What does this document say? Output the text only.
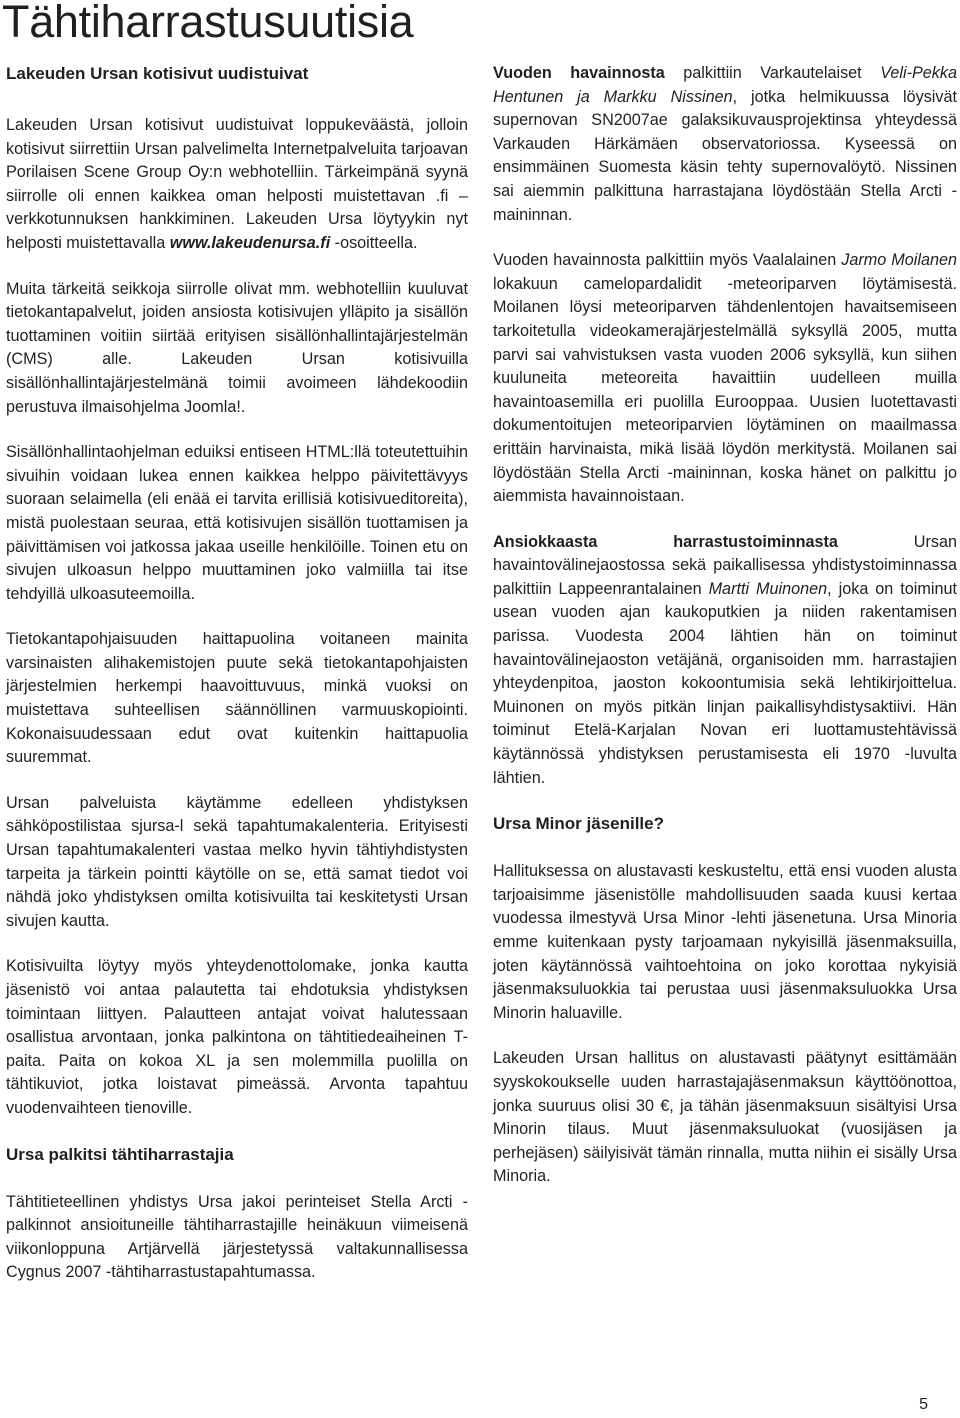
Tähtiharrastusuutisia
Lakeuden Ursan kotisivut uudistuivat

Lakeuden Ursan kotisivut uudistuivat loppukeväästä, jolloin kotisivut siirrettiin Ursan palvelimelta Internetpalveluita tarjoavan Porilaisen Scene Group Oy:n webhotelliin. Tärkeimpänä syynä siirrolle oli ennen kaikkea oman helposti muistettavan .fi –verkkotunnuksen hankkiminen. Lakeuden Ursa löytyykin nyt helposti muistettavalla www.lakeudenursa.fi -osoitteella.

Muita tärkeitä seikkoja siirrolle olivat mm. webhotelliin kuuluvat tietokantapalvelut, joiden ansiosta kotisivujen ylläpito ja sisällön tuottaminen voitiin siirtää erityisen sisällönhallintajärjestelmän (CMS) alle. Lakeuden Ursan kotisivuilla sisällönhallintajärjestelmänä toimii avoimeen lähdekoodiin perustuva ilmaisohjelma Joomla!.

Sisällönhallintaohjelman eduiksi entiseen HTML:llä toteutettuihin sivuihin voidaan lukea ennen kaikkea helppo päivitettävyys suoraan selaimella (eli enää ei tarvita erillisiä kotisivueditoreita), mistä puolestaan seuraa, että kotisivujen sisällön tuottamisen ja päivittämisen voi jatkossa jakaa useille henkilöille. Toinen etu on sivujen ulkoasun helppo muuttaminen joko valmiilla tai itse tehdyillä ulkoasuteemoilla.

Tietokantapohjaisuuden haittapuolina voitaneen mainita varsinaisten alihakemistojen puute sekä tietokantapohjaisten järjestelmien herkempi haavoittuvuus, minkä vuoksi on muistettava suhteellisen säännöllinen varmuuskopiointi. Kokonaisuudessaan edut ovat kuitenkin haittapuolia suuremmat.

Ursan palveluista käytämme edelleen yhdistyksen sähköpostilistaa sjursa-l sekä tapahtumakalenteria. Erityisesti Ursan tapahtumakalenteri vastaa melko hyvin tähtiyhdistysten tarpeita ja tärkein pointti käytölle on se, että samat tiedot voi nähdä joko yhdistyksen omilta kotisivuilta tai keskitetysti Ursan sivujen kautta.

Kotisivuilta löytyy myös yhteydenottolomake, jonka kautta jäsenistö voi antaa palautetta tai ehdotuksia yhdistyksen toimintaan liittyen. Palautteen antajat voivat halutessaan osallistua arvontaan, jonka palkintona on tähtitiedeaiheinen T-paita. Paita on kokoa XL ja sen molemmilla puolilla on tähtikuviot, jotka loistavat pimeässä. Arvonta tapahtuu vuodenvaihteen tienoville.

Ursa palkitsi tähtiharrastajia

Tähtitieteellinen yhdistys Ursa jakoi perinteiset Stella Arcti -palkinnot ansioituneille tähtiharrastajille heinäkuun viimeisenä viikonloppuna Artjärvellä järjestetyssä valtakunnallisessa Cygnus 2007 -tähtiharrastustapahtumassa.

Vuoden havainnosta palkittiin Varkautelaiset Veli-Pekka Hentunen ja Markku Nissinen, jotka helmikuussa löysivät supernovan SN2007ae galaksikuvausprojektinsa yhteydessä Varkauden Härkämäen observatoriossa. Kyseessä on ensimmäinen Suomesta käsin tehty supernovalöytö. Nissinen sai aiemmin palkittuna harrastajana löydöstään Stella Arcti -maininnan.

Vuoden havainnosta palkittiin myös Vaalalainen Jarmo Moilanen lokakuun camelopardalidit -meteoriparven löytämisestä. Moilanen löysi meteoriparven tähdenlentojen havaitsemiseen tarkoitetulla videokamerajärjestelmällä syksyllä 2005, mutta parvi sai vahvistuksen vasta vuoden 2006 syksyllä, kun siihen kuuluneita meteoreita havaittiin uudelleen muilla havaintoasemilla eri puolilla Eurooppaa. Uusien luotettavasti dokumentoitujen meteoriparvien löytäminen on maailmassa erittäin harvinaista, mikä lisää löydön merkitystä. Moilanen sai löydöstään Stella Arcti -maininnan, koska hänet on palkittu jo aiemmista havainnoistaan.

Ansiokkaasta harrastustoiminnasta Ursan havaintovälinejaostossa sekä paikallisessa yhdistystoiminnassa palkittiin Lappeenrantalainen Martti Muinonen, joka on toiminut usean vuoden ajan kaukoputkien ja niiden rakentamisen parissa. Vuodesta 2004 lähtien hän on toiminut havaintovälinejaoston vetäjänä, organisoiden mm. harrastajien yhteydenpitoa, jaoston kokoontumisia sekä lehtikirjoittelua. Muinonen on myös pitkän linjan paikallisyhdistysaktiivi. Hän toiminut Etelä-Karjalan Novan eri luottamustehtävissä käytännössä yhdistyksen perustamisesta eli 1970 -luvulta lähtien.

Ursa Minor jäsenille?

Hallituksessa on alustavasti keskusteltu, että ensi vuoden alusta tarjoaisimme jäsenistölle mahdollisuuden saada kuusi kertaa vuodessa ilmestyvä Ursa Minor -lehti jäsenetuna. Ursa Minoria emme kuitenkaan pysty tarjoamaan nykyisillä jäsenmaksuilla, joten käytännössä vaihtoehtoina on joko korottaa nykyisiä jäsenmaksuluokkia tai perustaa uusi jäsenmaksuluokka Ursa Minorin haluaville.

Lakeuden Ursan hallitus on alustavasti päätynyt esittämään syyskokoukselle uuden harrastajajäsenmaksun käyttöönottoa, jonka suuruus olisi 30 €, ja tähän jäsenmaksuun sisältyisi Ursa Minorin tilaus. Muut jäsenmaksuluokat (vuosijäsen ja perhejäsen) säilyisivät tämän rinnalla, mutta niihin ei sisälly Ursa Minoria.

5
